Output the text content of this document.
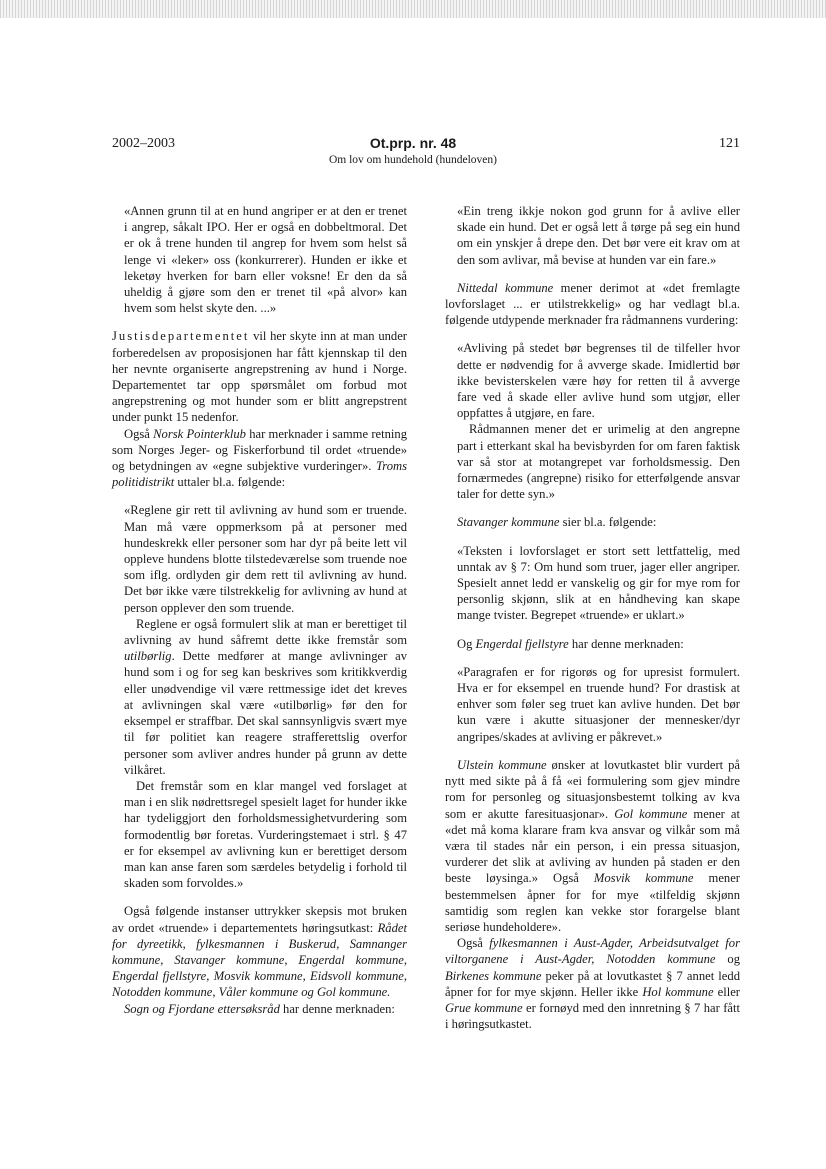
2002–2003	Ot.prp. nr. 48
Om lov om hundehold (hundeloven)
121

«Annen grunn til at en hund angriper er at den er trenet i angrep, såkalt IPO. Her er også en dobbeltmoral. Det er ok å trene hunden til angrep for hvem som helst så lenge vi «leker» oss (konkurrerer). Hunden er ikke et leketøy hverken for barn eller voksne! Er den da så uheldig å gjøre som den er trenet til «på alvor» kan hvem som helst skyte den. ...»

Justisdepartementet vil her skyte inn at man under forberedelsen av proposisjonen har fått kjennskap til den her nevnte organiserte angrepstrening av hund i Norge. Departementet tar opp spørsmålet om forbud mot angrepstrening og mot hunder som er blitt angrepstrent under punkt 15 nedenfor.

Også Norsk Pointerklub har merknader i samme retning som Norges Jeger- og Fiskerforbund til ordet «truende» og betydningen av «egne subjektive vurderinger». Troms politidistrikt uttaler bl.a. følgende:

«Reglene gir rett til avlivning av hund som er truende. Man må være oppmerksom på at personer med hundeskrekk eller personer som har dyr på beite lett vil oppleve hundens blotte tilstedeværelse som truende noe som iflg. ordlyden gir dem rett til avlivning av hund. Det bør ikke være tilstrekkelig for avlivning av hund at person opplever den som truende.

Reglene er også formulert slik at man er berettiget til avlivning av hund såfremt dette ikke fremstår som utilbørlig. Dette medfører at mange avlivninger av hund som i og for seg kan beskrives som kritikkverdig eller unødvendige vil være rettmessige idet det kreves at avlivningen skal være «utilbørlig» før den for eksempel er straffbar. Det skal sannsynligvis svært mye til før politiet kan reagere strafferettslig overfor personer som avliver andres hunder på grunn av dette vilkåret.

Det fremstår som en klar mangel ved forslaget at man i en slik nødrettsregel spesielt laget for hunder ikke har tydeliggjort den forholdsmessighetvurdering som formodentlig bør foretas. Vurderingstemaet i strl. § 47 er for eksempel av avlivning kun er berettiget dersom man kan anse faren som særdeles betydelig i forhold til skaden som forvoldes.»

Også følgende instanser uttrykker skepsis mot bruken av ordet «truende» i departementets høringsutkast: Rådet for dyreetikk, fylkesmannen i Buskerud, Samnanger kommune, Stavanger kommune, Engerdal kommune, Engerdal fjellstyre, Mosvik kommune, Eidsvoll kommune, Notodden kommune, Våler kommune og Gol kommune.

Sogn og Fjordane ettersøksråd har denne merknaden:

«Ein treng ikkje nokon god grunn for å avlive eller skade ein hund. Det er også lett å tørge på seg ein hund om ein ynskjer å drepe den. Det bør vere eit krav om at den som avlivar, må bevise at hunden var ein fare.»

Nittedal kommune mener derimot at «det fremlagte lovforslaget ... er utilstrekkelig» og har vedlagt bl.a. følgende utdypende merknader fra rådmannens vurdering:

«Avliving på stedet bør begrenses til de tilfeller hvor dette er nødvendig for å avverge skade. Imidlertid bør ikke bevisterskelen være høy for retten til å avverge fare ved å skade eller avlive hund som utgjør, eller oppfattes å utgjøre, en fare.

Rådmannen mener det er urimelig at den angrepne part i etterkant skal ha bevisbyrden for om faren faktisk var så stor at motangrepet var forholdsmessig. Den fornærmedes (angrepne) risiko for etterfølgende ansvar taler for dette syn.»

Stavanger kommune sier bl.a. følgende:

«Teksten i lovforslaget er stort sett lettfattelig, med unntak av § 7: Om hund som truer, jager eller angriper. Spesielt annet ledd er vanskelig og gir for mye rom for personlig skjønn, slik at en håndheving kan skape mange tvister. Begrepet «truende» er uklart.»

Og Engerdal fjellstyre har denne merknaden:

«Paragrafen er for rigorøs og for upresist formulert. Hva er for eksempel en truende hund? For drastisk at enhver som føler seg truet kan avlive hunden. Det bør kun være i akutte situasjoner der mennesker/dyr angripes/skades at avliving er påkrevet.»

Ulstein kommune ønsker at lovutkastet blir vurdert på nytt med sikte på å få «ei formulering som gjev mindre rom for personleg og situasjonsbestemt tolking av kva som er akutte faresituasjonar». Gol kommune mener at «det må koma klarare fram kva ansvar og vilkår som må væra til stades når ein person, i ein pressa situasjon, vurderer det slik at avliving av hunden på staden er den beste løysinga.» Også Mosvik kommune mener bestemmelsen åpner for for mye «tilfeldig skjønn samtidig som reglen kan vekke stor forargelse blant seriøse hundeholdere».

Også fylkesmannen i Aust-Agder, Arbeidsutvalget for viltorganene i Aust-Agder, Notodden kommune og Birkenes kommune peker på at lovutkastet § 7 annet ledd åpner for for mye skjønn. Heller ikke Hol kommune eller Grue kommune er fornøyd med den innretning § 7 har fått i høringsutkastet.
